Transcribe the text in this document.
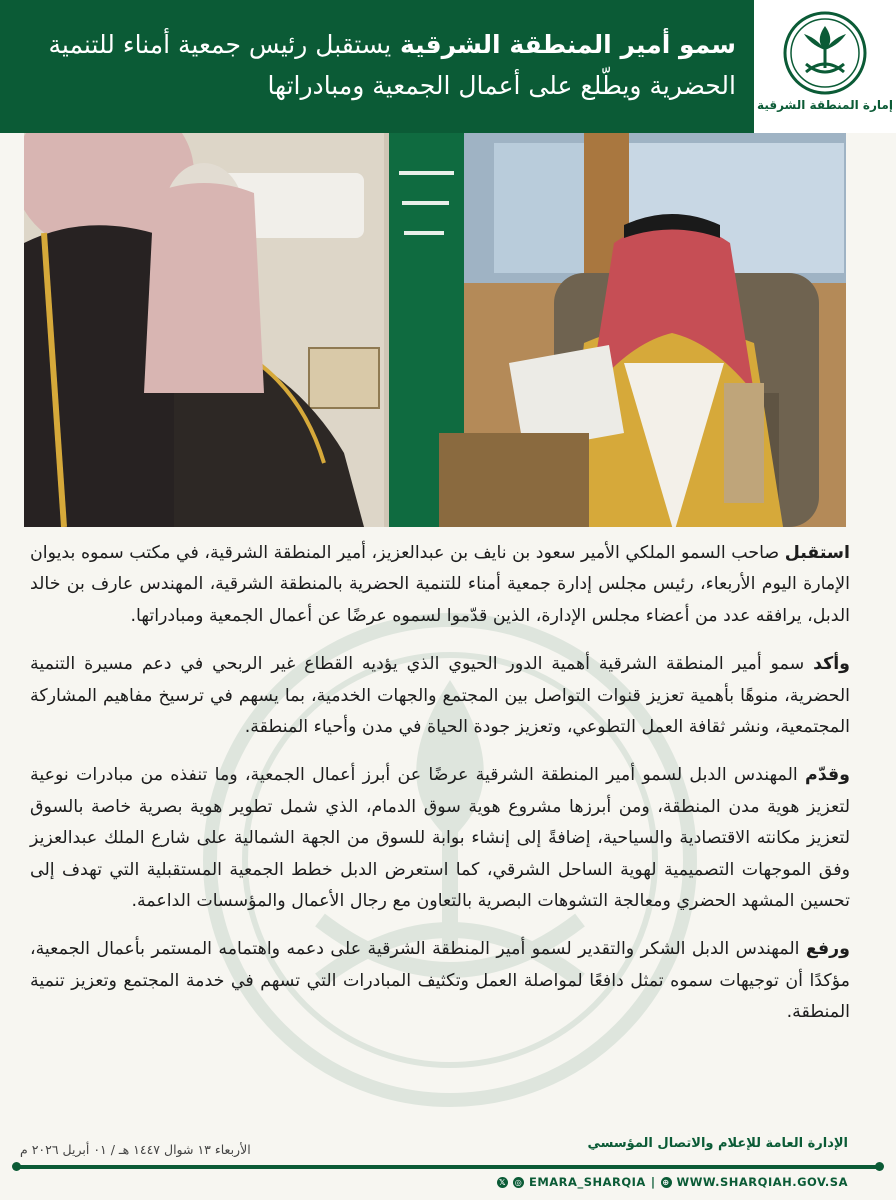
سمو أمير المنطقة الشرقية يستقبل رئيس جمعية أمناء للتنمية الحضرية ويطّلع على أعمال الجمعية ومبادراتها
إمارة المنطقة الشرقية

استقبل صاحب السمو الملكي الأمير سعود بن نايف بن عبدالعزيز، أمير المنطقة الشرقية، في مكتب سموه بديوان الإمارة اليوم الأربعاء، رئيس مجلس إدارة جمعية أمناء للتنمية الحضرية بالمنطقة الشرقية، المهندس عارف بن خالد الدبل، يرافقه عدد من أعضاء مجلس الإدارة، الذين قدّموا لسموه عرضًا عن أعمال الجمعية ومبادراتها.

وأكد سمو أمير المنطقة الشرقية أهمية الدور الحيوي الذي يؤديه القطاع غير الربحي في دعم مسيرة التنمية الحضرية، منوهًا بأهمية تعزيز قنوات التواصل بين المجتمع والجهات الخدمية، بما يسهم في ترسيخ مفاهيم المشاركة المجتمعية، ونشر ثقافة العمل التطوعي، وتعزيز جودة الحياة في مدن وأحياء المنطقة.

وقدّم المهندس الدبل لسمو أمير المنطقة الشرقية عرضًا عن أبرز أعمال الجمعية، وما تنفذه من مبادرات نوعية لتعزيز هوية مدن المنطقة، ومن أبرزها مشروع هوية سوق الدمام، الذي شمل تطوير هوية بصرية خاصة بالسوق لتعزيز مكانته الاقتصادية والسياحية، إضافةً إلى إنشاء بوابة للسوق من الجهة الشمالية على شارع الملك عبدالعزيز وفق الموجهات التصميمية لهوية الساحل الشرقي، كما استعرض الدبل خطط الجمعية المستقبلية التي تهدف إلى تحسين المشهد الحضري ومعالجة التشوهات البصرية بالتعاون مع رجال الأعمال والمؤسسات الداعمة.

ورفع المهندس الدبل الشكر والتقدير لسمو أمير المنطقة الشرقية على دعمه واهتمامه المستمر بأعمال الجمعية، مؤكدًا أن توجيهات سموه تمثل دافعًا لمواصلة العمل وتكثيف المبادرات التي تسهم في خدمة المجتمع وتعزيز تنمية المنطقة.

الإدارة العامة للإعلام والاتصال المؤسسي
الأربعاء ١٣ شوال ١٤٤٧ هـ / ٠١ أبريل ٢٠٢٦ م
𝕏 ◎ EMARA_SHARQIA | ⊕ WWW.SHARQIAH.GOV.SA
